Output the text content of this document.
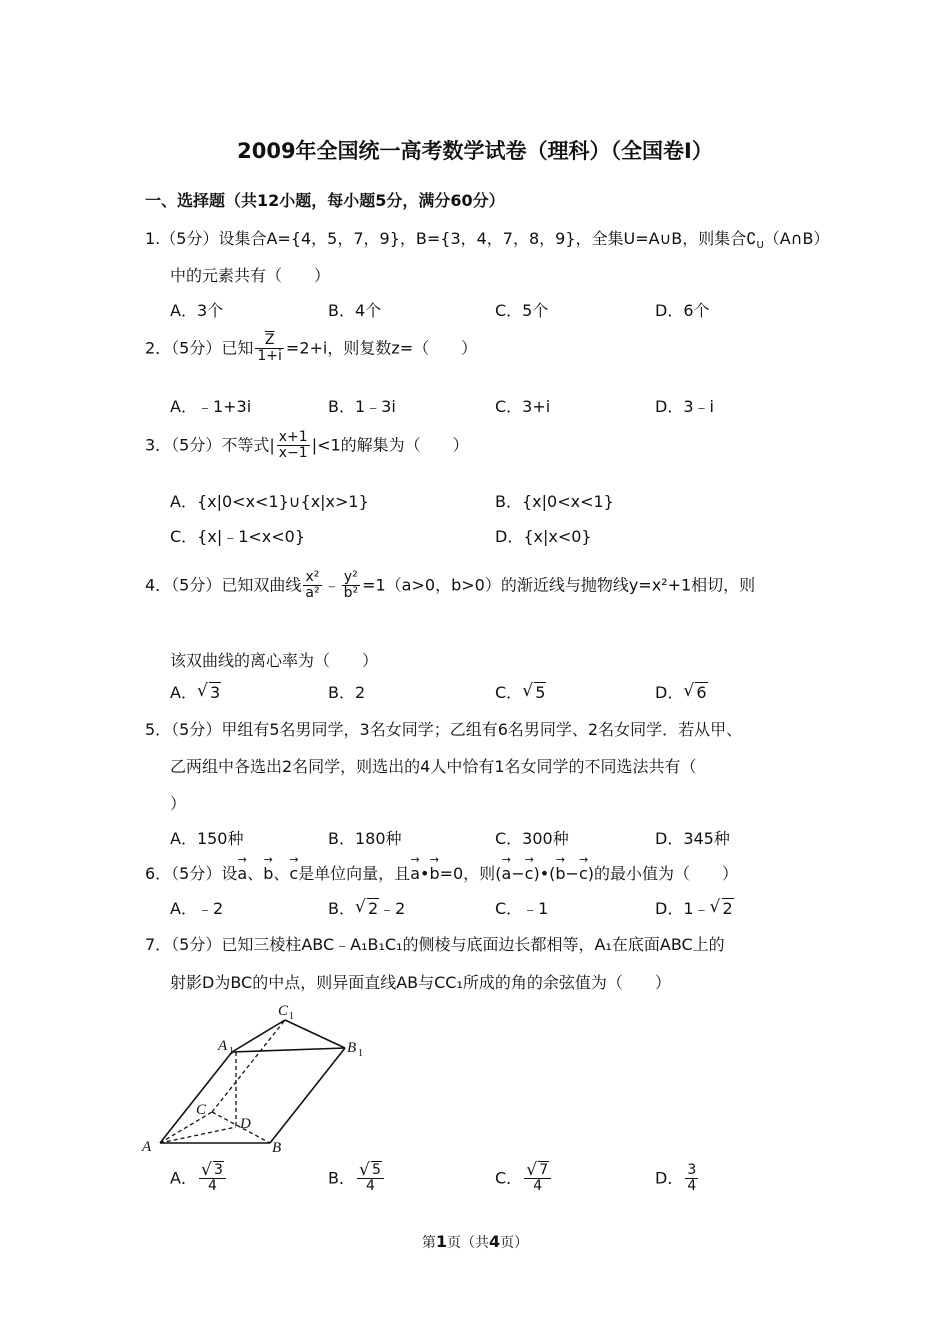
2009年全国统一高考数学试卷（理科）（全国卷Ⅰ）
一、选择题（共12小题，每小题5分，满分60分）
1.（5分）设集合A={4，5，7，9}，B={3，4，7，8，9}，全集U=A∪B，则集合$∁_U(A\cap B)$
中的元素共有（　　）
A．3个	B．4个	C．5个	D．6个
2．（5分）已知 $\frac{\overline{Z}}{1+i} =2+i$，则复数z=（　　）
A．﹣1+3i	B．1﹣3i	C．3+i	D．3﹣i
3．（5分）不等式| $\frac{x+1}{x-1} |<1$的解集为（　　）
A．{x|0<x<1}∪{x|x>1}	B．{x|0<x<1}
C．{x|﹣1<x<0}	D．{x|x<0}
4．（5分）已知双曲线 $\frac{\text{x²}}{\text{a²}}$ ﹣ $\frac{\text{y²}}{\text{b²}} =1(a>0$，b>0）的渐近线与抛物线y=x²+1相切，则
该双曲线的离心率为（　　）
A． √ 3	B．2	C． √ 5	D． √ 6
5．（5分）甲组有5名男同学，3名女同学；乙组有6名男同学、2名女同学．若从甲、
乙两组中各选出2名同学，则选出的4人中恰有1名女同学的不同选法共有（
）
A．150种	B．180种	C．300种	D．345种
6．（5分）设→ a、→ b、→ c是单位向量，且→ a•→ b=0，则(→ a−→ c)•(→ b−→ c)的最小值为（　　）
A．﹣2	B． √ 2﹣2	C．﹣1	D．1﹣ √ 2
7．（5分）已知三棱柱ABC﹣A₁B₁C₁的侧棱与底面边长都相等，A₁在底面ABC上的
射影D为BC的中点，则异面直线AB与CC₁所成的角的余弦值为（　　）
A	B
C
D
A 1
C 1
B 1
A． √ $\frac{3}{4}$	B． √ $\frac{5}{4}$	C． √ $\frac{7}{4}$	D． $\frac{3}{4}$
第1页（共4页）
